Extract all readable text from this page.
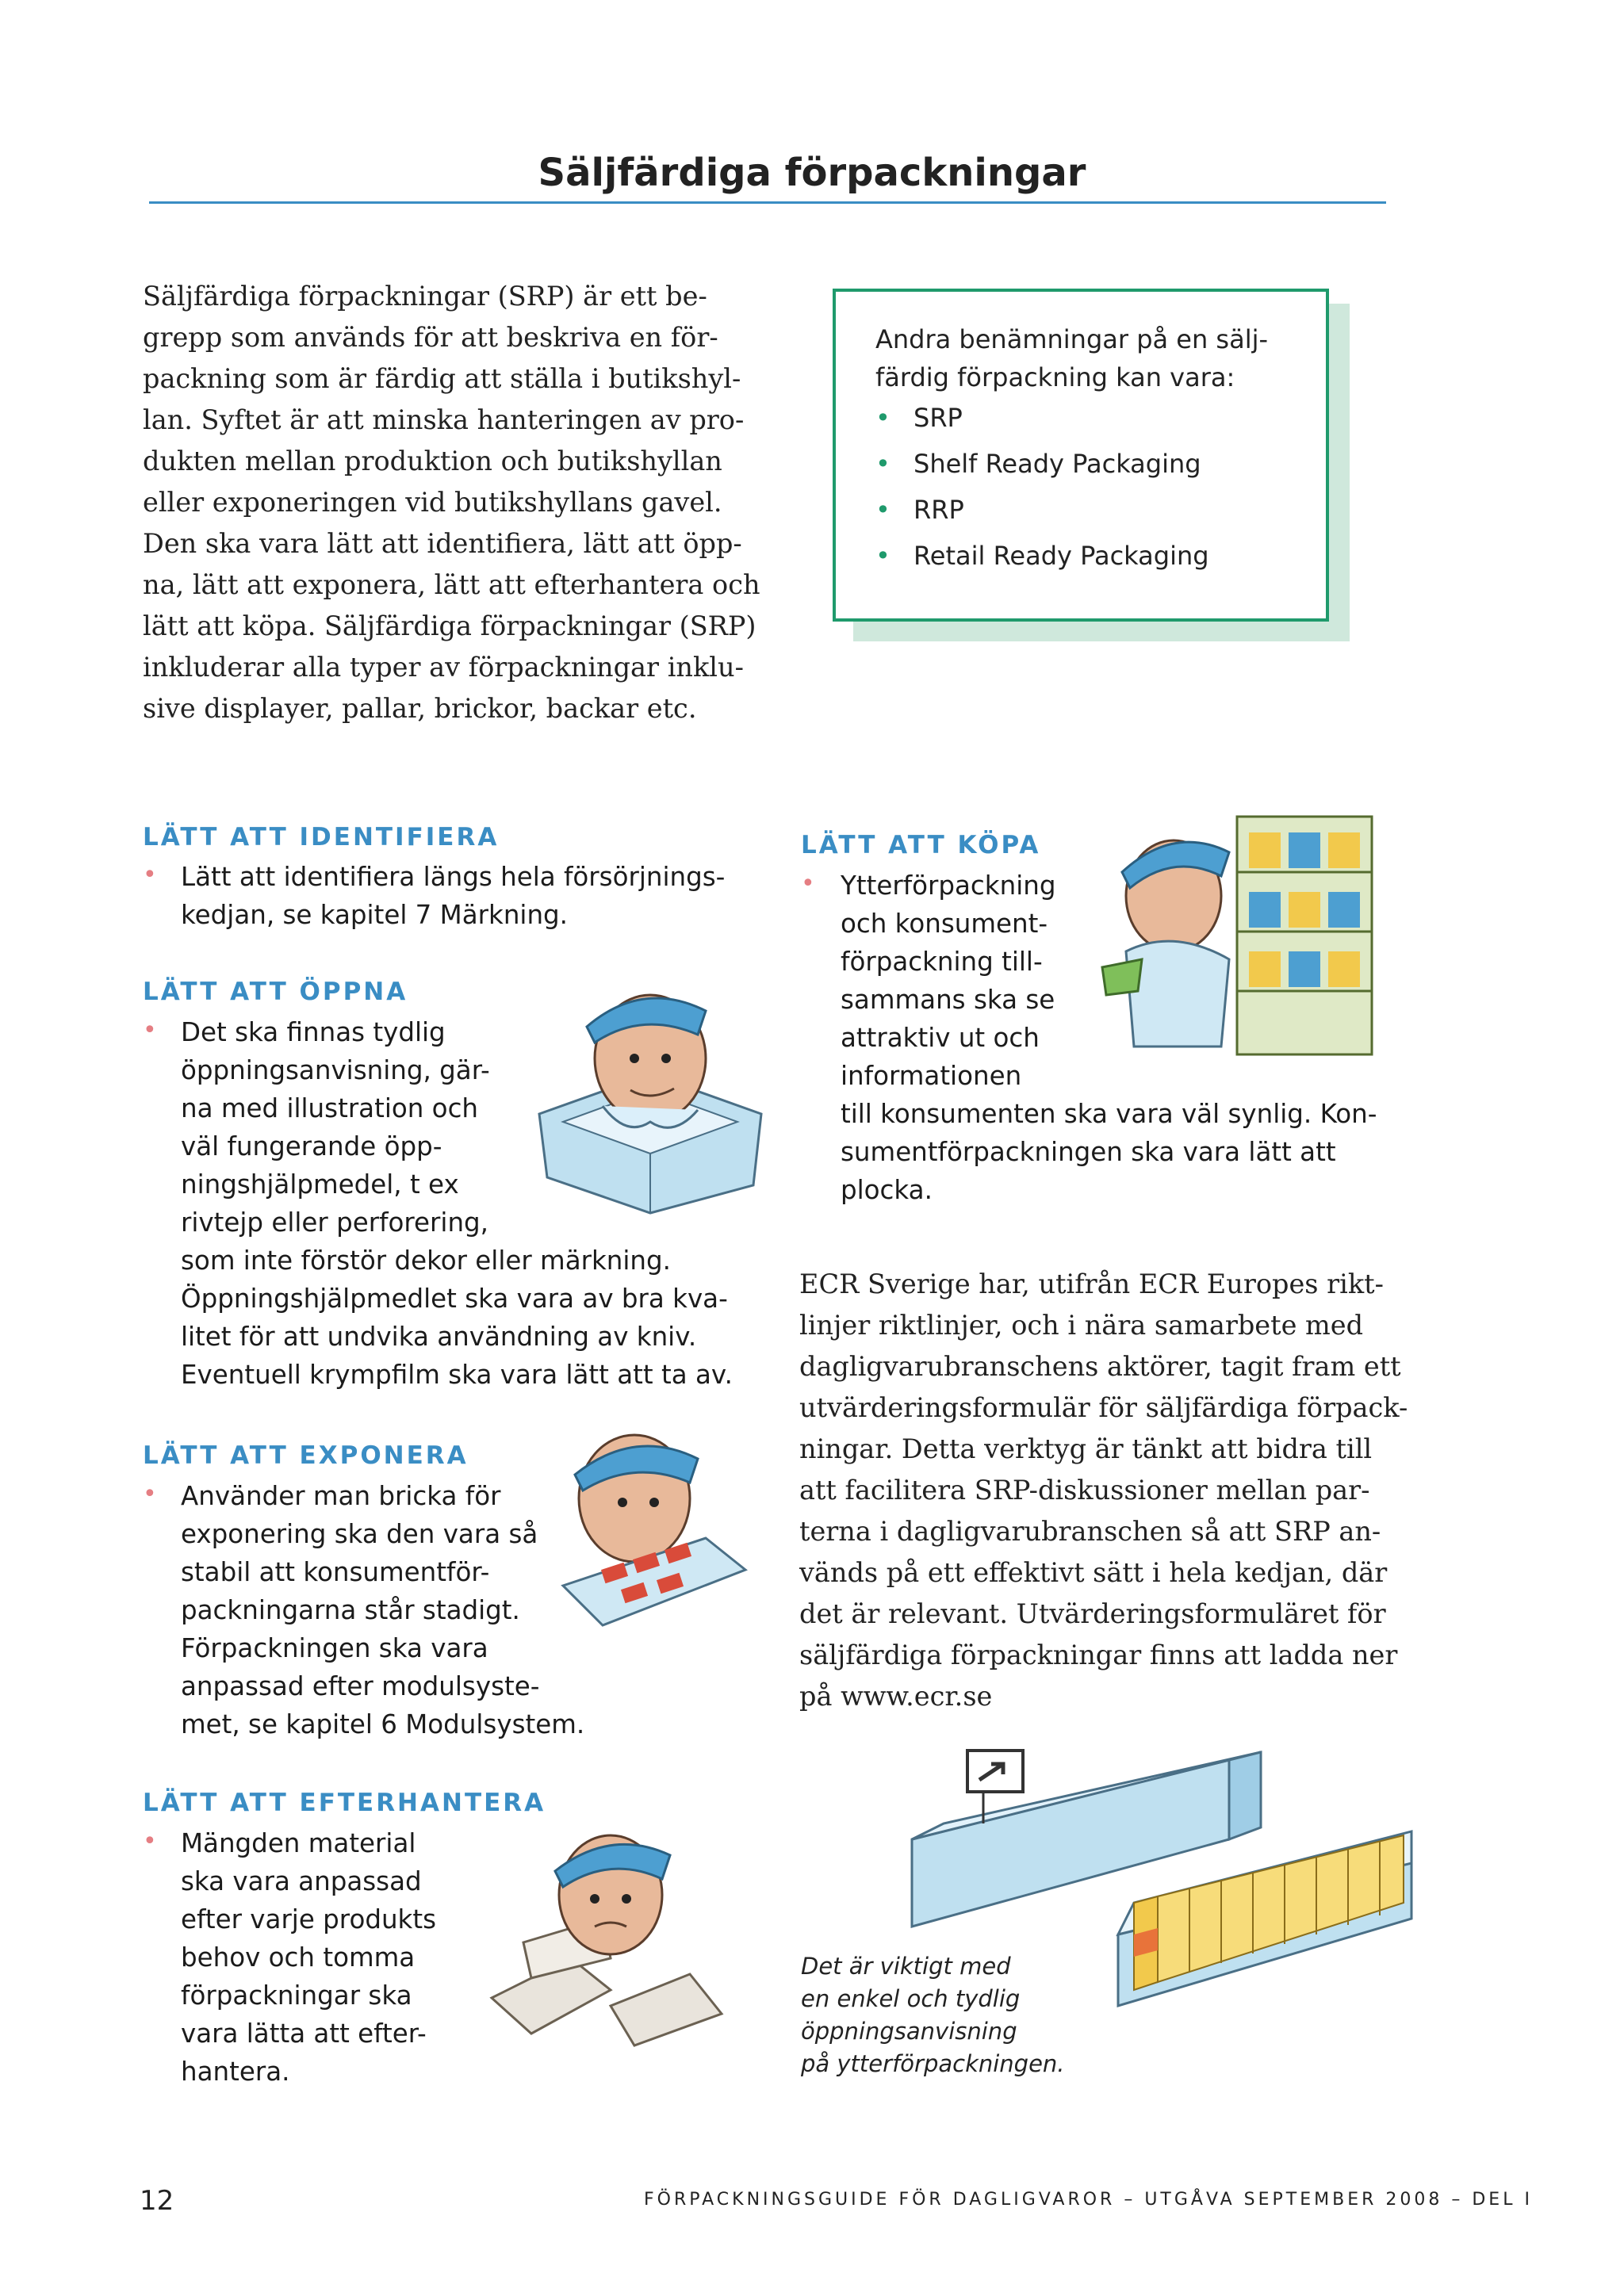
Säljfärdiga förpackningar
Säljfärdiga förpackningar (SRP) är ett be-
grepp som används för att beskriva en för-
packning som är färdig att ställa i butikshyl-
lan. Syftet är att minska hanteringen av pro-
dukten mellan produktion och butikshyllan
eller exponeringen vid butikshyllans gavel.
Den ska vara lätt att identifiera, lätt att öpp-
na, lätt att exponera, lätt att efterhantera och
lätt att köpa. Säljfärdiga förpackningar (SRP)
inkluderar alla typer av förpackningar inklu-
sive displayer, pallar, brickor, backar etc.
Andra benämningar på en sälj-
färdig förpackning kan vara:
• SRP
• Shelf Ready Packaging
• RRP
• Retail Ready Packaging
LÄTT ATT IDENTIFIERA
• Lätt att identifiera längs hela försörjnings-
kedjan, se kapitel 7 Märkning.
LÄTT ATT ÖPPNA
• Det ska finnas tydlig
öppningsanvisning, gär-
na med illustration och
väl fungerande öpp-
ningshjälpmedel, t ex
rivtejp eller perforering,
som inte förstör dekor eller märkning.
Öppningshjälpmedlet ska vara av bra kva-
litet för att undvika användning av kniv.
Eventuell krympfilm ska vara lätt att ta av.
LÄTT ATT EXPONERA
• Använder man bricka för
exponering ska den vara så
stabil att konsumentför-
packningarna står stadigt.
Förpackningen ska vara
anpassad efter modulsyste-
met, se kapitel 6 Modulsystem.
LÄTT ATT EFTERHANTERA
• Mängden material
ska vara anpassad
efter varje produkts
behov och tomma
förpackningar ska
vara lätta att efter-
hantera.
LÄTT ATT KÖPA
• Ytterförpackning
och konsument-
förpackning till-
sammans ska se
attraktiv ut och
informationen
till konsumenten ska vara väl synlig. Kon-
sumentförpackningen ska vara lätt att
plocka.
ECR Sverige har, utifrån ECR Europes rikt-
linjer riktlinjer, och i nära samarbete med
dagligvarubranschens aktörer, tagit fram ett
utvärderingsformulär för säljfärdiga förpack-
ningar. Detta verktyg är tänkt att bidra till
att facilitera SRP-diskussioner mellan par-
terna i dagligvarubranschen så att SRP an-
vänds på ett effektivt sätt i hela kedjan, där
det är relevant. Utvärderingsformuläret för
säljfärdiga förpackningar finns att ladda ner
på www.ecr.se
Det är viktigt med
en enkel och tydlig
öppningsanvisning
på ytterförpackningen.
12	FÖRPACKNINGSGUIDE FÖR DAGLIGVAROR – UTGÅVA SEPTEMBER 2008 – DEL I
